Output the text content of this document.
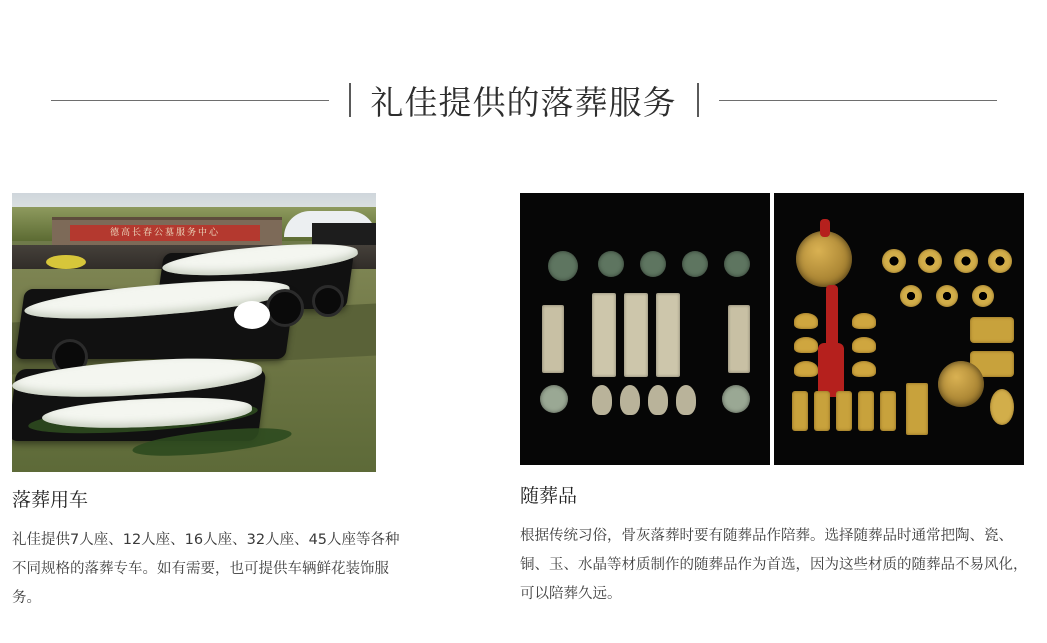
礼佳提供的落葬服务
德高长春公墓服务中心
落葬用车
礼佳提供7人座、12人座、16人座、32人座、45人座等各种不同规格的落葬专车。如有需要，也可提供车辆鲜花装饰服务。
随葬品
根据传统习俗，骨灰落葬时要有随葬品作陪葬。选择随葬品时通常把陶、瓷、铜、玉、水晶等材质制作的随葬品作为首选，因为这些材质的随葬品不易风化，可以陪葬久远。
